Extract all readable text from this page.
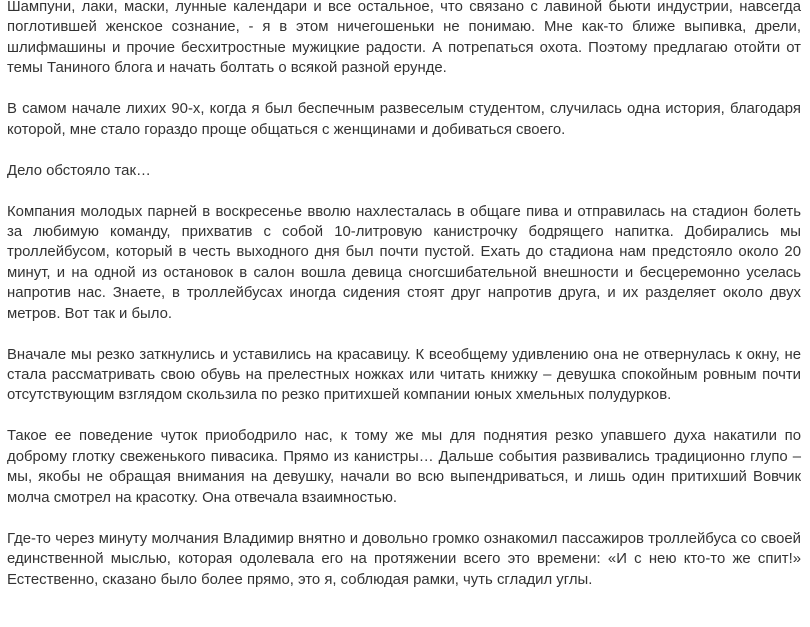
Шампуни, лаки, маски, лунные календари и все остальное, что связано с лавиной бьюти индустрии, навсегда поглотившей женское сознание, - я в этом ничегошеньки не понимаю. Мне как-то ближе выпивка, дрели, шлифмашины и прочие бесхитростные мужицкие радости. А потрепаться охота. Поэтому предлагаю отойти от темы Таниного блога и начать болтать о всякой разной ерунде.

В самом начале лихих 90-х, когда я был беспечным развеселым студентом, случилась одна история, благодаря которой, мне стало гораздо проще общаться с женщинами и добиваться своего.

Дело обстояло так…

Компания молодых парней в воскресенье вволю нахлесталась в общаге пива и отправилась на стадион болеть за любимую команду, прихватив с собой 10-литровую канистрочку бодрящего напитка. Добирались мы троллейбусом, который в честь выходного дня был почти пустой. Ехать до стадиона нам предстояло около 20 минут, и на одной из остановок в салон вошла девица сногсшибательной внешности и бесцеремонно уселась напротив нас. Знаете, в троллейбусах иногда сидения стоят друг напротив друга, и их разделяет около двух метров. Вот так и было.

Вначале мы резко заткнулись и уставились на красавицу. К всеобщему удивлению она не отвернулась к окну, не стала рассматривать свою обувь на прелестных ножках или читать книжку – девушка спокойным ровным почти отсутствующим взглядом скользила по резко притихшей компании юных хмельных полудурков.

Такое ее поведение чуток приободрило нас, к тому же мы для поднятия резко упавшего духа накатили по доброму глотку свеженького пивасика. Прямо из канистры… Дальше события развивались традиционно глупо – мы, якобы не обращая внимания на девушку, начали во всю выпендриваться, и лишь один притихший Вовчик молча смотрел на красотку. Она отвечала взаимностью.

Где-то через минуту молчания Владимир внятно и довольно громко ознакомил пассажиров троллейбуса со своей единственной мыслью, которая одолевала его на протяжении всего это времени: «И с нею кто-то же спит!» Естественно, сказано было более прямо, это я, соблюдая рамки, чуть сгладил углы.
